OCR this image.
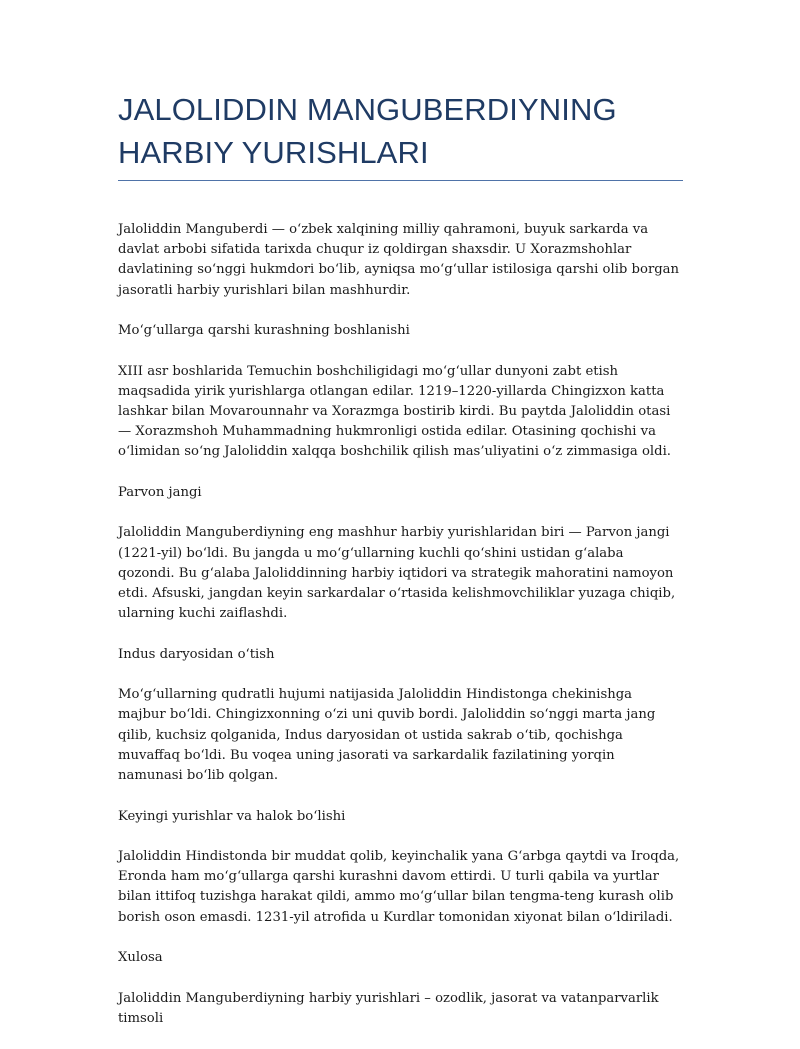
JALOLIDDIN MANGUBERDIYNING HARBIY YURISHLARI

Jaloliddin Manguberdi — o‘zbek xalqining milliy qahramoni, buyuk sarkarda va davlat arbobi sifatida tarixda chuqur iz qoldirgan shaxsdir. U Xorazmshohlar davlatining so‘nggi hukmdori bo‘lib, ayniqsa mo‘g‘ullar istilosiga qarshi olib borgan jasoratli harbiy yurishlari bilan mashhurdir.

Mo‘g‘ullarga qarshi kurashning boshlanishi

XIII asr boshlarida Temuchin boshchiligidagi mo‘g‘ullar dunyoni zabt etish maqsadida yirik yurishlarga otlangan edilar. 1219–1220-yillarda Chingizxon katta lashkar bilan Movarounnahr va Xorazmga bostirib kirdi. Bu paytda Jaloliddin otasi — Xorazmshoh Muhammadning hukmronligi ostida edilar. Otasining qochishi va o‘limidan so‘ng Jaloliddin xalqqa boshchilik qilish mas’uliyatini o‘z zimmasiga oldi.

Parvon jangi

Jaloliddin Manguberdiyning eng mashhur harbiy yurishlaridan biri — Parvon jangi (1221-yil) bo‘ldi. Bu jangda u mo‘g‘ullarning kuchli qo‘shini ustidan g‘alaba qozondi. Bu g‘alaba Jaloliddinning harbiy iqtidori va strategik mahoratini namoyon etdi. Afsuski, jangdan keyin sarkardalar o‘rtasida kelishmovchiliklar yuzaga chiqib, ularning kuchi zaiflashdi.

Indus daryosidan o‘tish

Mo‘g‘ullarning qudratli hujumi natijasida Jaloliddin Hindistonga chekinishga majbur bo‘ldi. Chingizxonning o‘zi uni quvib bordi. Jaloliddin so‘nggi marta jang qilib, kuchsiz qolganida, Indus daryosidan ot ustida sakrab o‘tib, qochishga muvaffaq bo‘ldi. Bu voqea uning jasorati va sarkardalik fazilatining yorqin namunasi bo‘lib qolgan.

Keyingi yurishlar va halok bo‘lishi

Jaloliddin Hindistonda bir muddat qolib, keyinchalik yana G‘arbga qaytdi va Iroqda, Eronda ham mo‘g‘ullarga qarshi kurashni davom ettirdi. U turli qabila va yurtlar bilan ittifoq tuzishga harakat qildi, ammo mo‘g‘ullar bilan tengma-teng kurash olib borish oson emasdi. 1231-yil atrofida u Kurdlar tomonidan xiyonat bilan o‘ldiriladi.

Xulosa

Jaloliddin Manguberdiyning harbiy yurishlari – ozodlik, jasorat va vatanparvarlik timsoli
